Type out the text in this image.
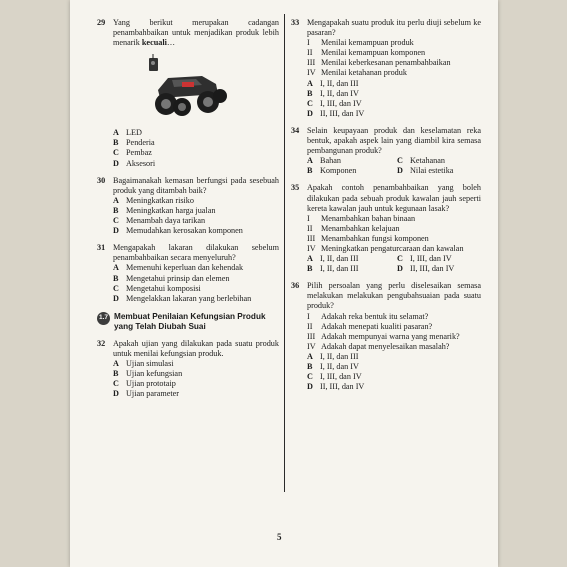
29 Yang berikut merupakan cadangan penambahbaikan untuk menjadikan produk lebih menarik kecuali…
A LED
B Penderia
C Pembaz
D Aksesori
30 Bagaimanakah kemasan berfungsi pada sesebuah produk yang ditambah baik?
A Meningkatkan risiko
B Meningkatkan harga jualan
C Menambah daya tarikan
D Memudahkan kerosakan komponen
31 Mengapakah lakaran dilakukan sebelum penambahbaikan secara menyeluruh?
A Memenuhi keperluan dan kehendak
B Mengetahui prinsip dan elemen
C Mengetahui komposisi
D Mengelakkan lakaran yang berlebihan
1.7 Membuat Penilaian Kefungsian Produk yang Telah Diubah Suai
32 Apakah ujian yang dilakukan pada suatu produk untuk menilai kefungsian produk.
A Ujian simulasi
B Ujian kefungsian
C Ujian prototaip
D Ujian parameter
33 Mengapakah suatu produk itu perlu diuji sebelum ke pasaran?
I	Menilai kemampuan produk
II	Menilai kemampuan komponen
III Menilai keberkesanan penambahbaikan
IV Menilai ketahanan produk
A I, II, dan III
B I, II, dan IV
C I, III, dan IV
D II, III, dan IV
34 Selain keupayaan produk dan keselamatan reka bentuk, apakah aspek lain yang diambil kira semasa pembangunan produk?
A Bahan	C Ketahanan
B Komponen	D Nilai estetika
35 Apakah contoh penambahbaikan yang boleh dilakukan pada sebuah produk kawalan jauh seperti kereta kawalan jauh untuk kegunaan lasak?
I	Menambahkan bahan binaan
II	Menambahkan kelajuan
III Menambahkan fungsi komponen
IV Meningkatkan pengaturcaraan dan kawalan
A I, II, dan III	C I, III, dan IV
B I, II, dan III	D II, III, dan IV
36 Pilih persoalan yang perlu diselesaikan semasa melakukan melakukan pengubahsuaian pada suatu produk?
I	Adakah reka bentuk itu selamat?
II	Adakah menepati kualiti pasaran?
III Adakah mempunyai warna yang menarik?
IV Adakah dapat menyelesaikan masalah?
A I, II, dan III
B I, II, dan IV
C I, III, dan IV
D II, III, dan IV
5
